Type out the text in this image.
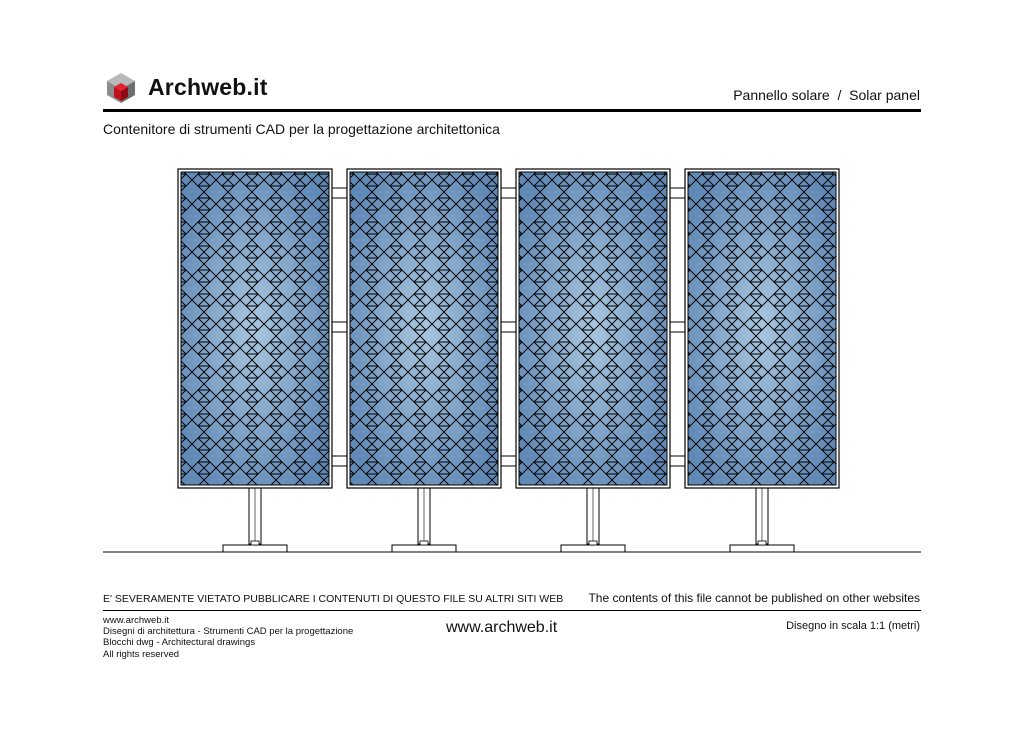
Archweb.it	Pannello solare  /  Solar panel
Contenitore di strumenti CAD per la progettazione architettonica
E' SEVERAMENTE VIETATO PUBBLICARE I CONTENUTI DI QUESTO FILE SU ALTRI SITI WEB The contents of this file cannot be published on other websites
www.archweb.it
Disegni di architettura - Strumenti CAD per la progettazione
Blocchi dwg - Architectural drawings
All rights reserved
www.archweb.it	Disegno in scala 1:1 (metri)
